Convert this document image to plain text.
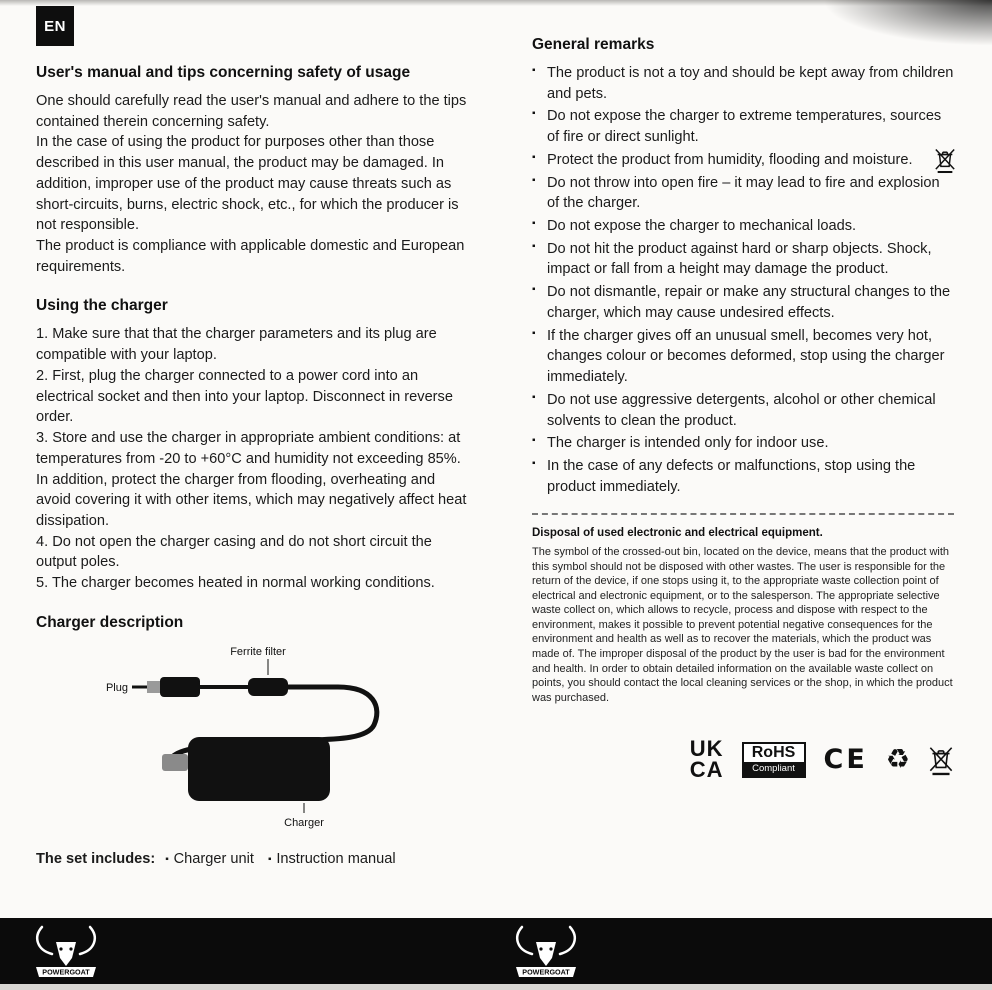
EN
User's manual and tips concerning safety of usage

One should carefully read the user's manual and adhere to the tips contained therein concerning safety.

In the case of using the product for purposes other than those described in this user manual, the product may be damaged. In addition, improper use of the product may cause threats such as short-circuits, burns, electric shock, etc., for which the producer is not responsible.

The product is compliance with applicable domestic and European requirements.

Using the charger

1. Make sure that that the charger parameters and its plug are compatible with your laptop.

2. First, plug the charger connected to a power cord into an electrical socket and then into your laptop. Disconnect in reverse order.

3. Store and use the charger in appropriate ambient conditions: at temperatures from -20 to +60°C and humidity not exceeding 85%. In addition, protect the charger from flooding, overheating and avoid covering it with other items, which may negatively affect heat dissipation.

4. Do not open the charger casing and do not short circuit the output poles.

5. The charger becomes heated in normal working conditions.

Charger description
Ferrite filter
Plug
Charger
The set includes: ▪ Charger unit ▪ Instruction manual
General remarks
▪ The product is not a toy and should be kept away from children and pets.
▪ Do not expose the charger to extreme temperatures, sources of fire or direct sunlight.
▪ Protect the product from humidity, flooding and moisture.
▪ Do not throw into open fire – it may lead to fire and explosion of the charger.
▪ Do not expose the charger to mechanical loads.
▪ Do not hit the product against hard or sharp objects. Shock, impact or fall from a height may damage the product.
▪ Do not dismantle, repair or make any structural changes to the charger, which may cause undesired effects.
▪ If the charger gives off an unusual smell, becomes very hot, changes colour or becomes deformed, stop using the charger immediately.
▪ Do not use aggressive detergents, alcohol or other chemical solvents to clean the product.
▪ The charger is intended only for indoor use.
▪ In the case of any defects or malfunctions, stop using the product immediately.
Disposal of used electronic and electrical equipment.

The symbol of the crossed-out bin, located on the device, means that the product with this symbol should not be disposed with other wastes. The user is responsible for the return of the device, if one stops using it, to the appropriate waste collection point of electrical and electronic equipment, or to the salesperson. The appropriate selective waste collect on, which allows to recycle, process and dispose with respect to the environment, makes it possible to prevent potential negative consequences for the environment and health as well as to recover the materials, which the product was made of. The improper disposal of the product by the user is bad for the environment and health. In order to obtain detailed information on the available waste collect on points, you should contact the local cleaning services or the shop, in which the product was purchased.

UK
CA
RoHS
Compliant	CE ♻
POWERGOAT	POWERGOAT
